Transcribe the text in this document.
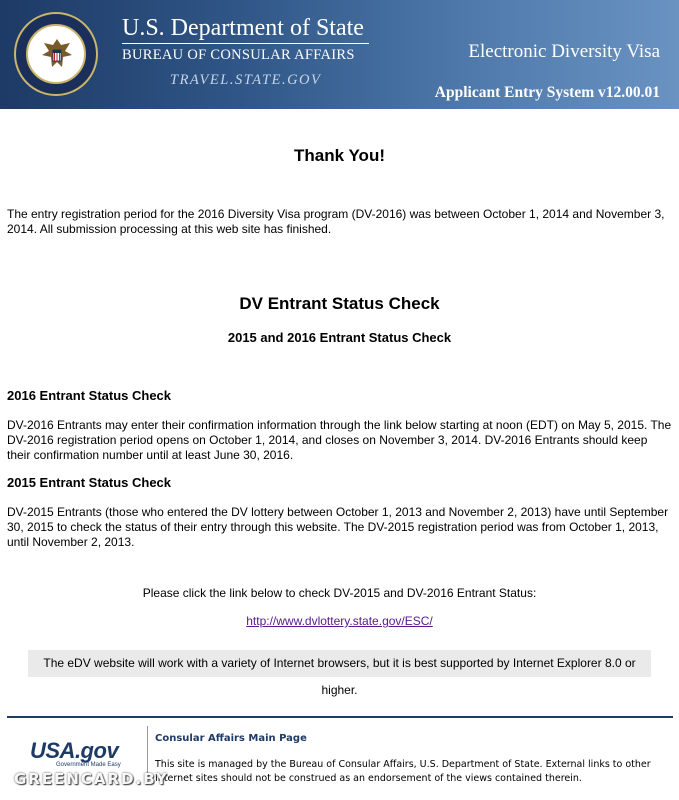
U.S. Department of State
BUREAU OF CONSULAR AFFAIRS
TRAVEL.STATE.GOV
Electronic Diversity Visa
Applicant Entry System v12.00.01
Thank You!
The entry registration period for the 2016 Diversity Visa program (DV-2016) was between October 1, 2014 and November 3, 2014. All submission processing at this web site has finished.
DV Entrant Status Check
2015 and 2016 Entrant Status Check
2016 Entrant Status Check
DV-2016 Entrants may enter their confirmation information through the link below starting at noon (EDT) on May 5, 2015. The DV-2016 registration period opens on October 1, 2014, and closes on November 3, 2014. DV-2016 Entrants should keep their confirmation number until at least June 30, 2016.
2015 Entrant Status Check
DV-2015 Entrants (those who entered the DV lottery between October 1, 2013 and November 2, 2013) have until September 30, 2015 to check the status of their entry through this website. The DV-2015 registration period was from October 1, 2013, until November 2, 2013.
Please click the link below to check DV-2015 and DV-2016 Entrant Status:
http://www.dvlottery.state.gov/ESC/
The eDV website will work with a variety of Internet browsers, but it is best supported by Internet Explorer 8.0 or higher.
USA.gov
Government Made Easy
Consular Affairs Main Page
This site is managed by the Bureau of Consular Affairs, U.S. Department of State. External links to other Internet sites should not be construed as an endorsement of the views contained therein.
GREENCARD.BY
